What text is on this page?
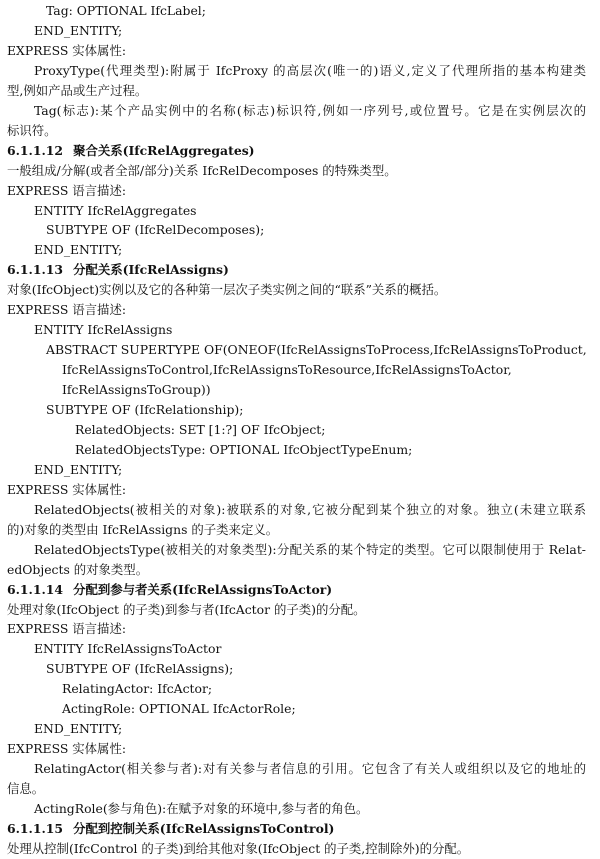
Tag: OPTIONAL IfcLabel;
END_ENTITY;
EXPRESS 实体属性:
ProxyType(代理类型):附属于 IfcProxy 的高层次(唯一的)语义,定义了代理所指的基本构建类
型,例如产品或生产过程。
Tag(标志):某个产品实例中的名称(标志)标识符,例如一序列号,或位置号。它是在实例层次的
标识符。
6.1.1.12 聚合关系(IfcRelAggregates)
一般组成/分解(或者全部/部分)关系 IfcRelDecomposes 的特殊类型。
EXPRESS 语言描述:
ENTITY IfcRelAggregates
SUBTYPE OF (IfcRelDecomposes);
END_ENTITY;
6.1.1.13 分配关系(IfcRelAssigns)
对象(IfcObject)实例以及它的各种第一层次子类实例之间的“联系”关系的概括。
EXPRESS 语言描述:
ENTITY IfcRelAssigns
ABSTRACT SUPERTYPE OF(ONEOF(IfcRelAssignsToProcess,IfcRelAssignsToProduct,
IfcRelAssignsToControl,IfcRelAssignsToResource,IfcRelAssignsToActor,
IfcRelAssignsToGroup))
SUBTYPE OF (IfcRelationship);
RelatedObjects: SET [1:?] OF IfcObject;
RelatedObjectsType: OPTIONAL IfcObjectTypeEnum;
END_ENTITY;
EXPRESS 实体属性:
RelatedObjects(被相关的对象):被联系的对象,它被分配到某个独立的对象。独立(未建立联系
的)对象的类型由 IfcRelAssigns 的子类来定义。
RelatedObjectsType(被相关的对象类型):分配关系的某个特定的类型。它可以限制使用于 Relat-
edObjects 的对象类型。
6.1.1.14 分配到参与者关系(IfcRelAssignsToActor)
处理对象(IfcObject 的子类)到参与者(IfcActor 的子类)的分配。
EXPRESS 语言描述:
ENTITY IfcRelAssignsToActor
SUBTYPE OF (IfcRelAssigns);
RelatingActor: IfcActor;
ActingRole: OPTIONAL IfcActorRole;
END_ENTITY;
EXPRESS 实体属性:
RelatingActor(相关参与者):对有关参与者信息的引用。它包含了有关人或组织以及它的地址的
信息。
ActingRole(参与角色):在赋予对象的环境中,参与者的角色。
6.1.1.15 分配到控制关系(IfcRelAssignsToControl)
处理从控制(IfcControl 的子类)到给其他对象(IfcObject 的子类,控制除外)的分配。
